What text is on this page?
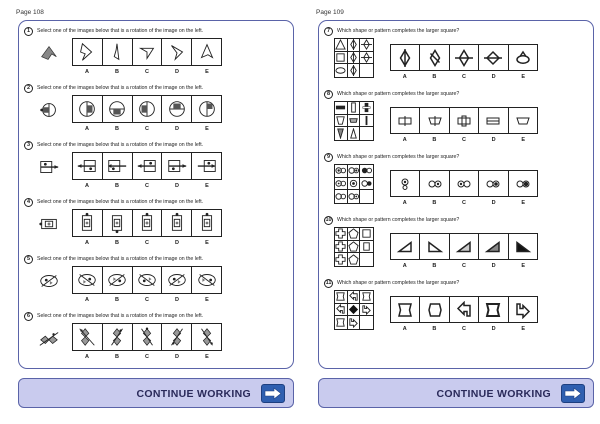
Page 108
1	Select one of the images below that is a rotation of the image on the left.
A	B	C	D	E
2	Select one of the images below that is a rotation of the image on the left.
A	B	C	D	E
3	Select one of the images below that is a rotation of the image on the left.
A	B	C	D	E
4	Select one of the images below that is a rotation of the image on the left.
A	B	C	D	E
5	Select one of the images below that is a rotation of the image on the left.
A	B	C	D	E
6	Select one of the images below that is a rotation of the image on the left.
A	B	C	D	E
CONTINUE WORKING
Page 109
7	Which shape or pattern completes the larger square?
A	B	C	D	E
8	Which shape or pattern completes the larger square?
A	B	C	D	E
9	Which shape or pattern completes the larger square?
A	B	C	D	E
10 Which shape or pattern completes the larger square?
A	B	C	D	E
11	Which shape or pattern completes the larger square?
A	B	C	D	E
CONTINUE WORKING
